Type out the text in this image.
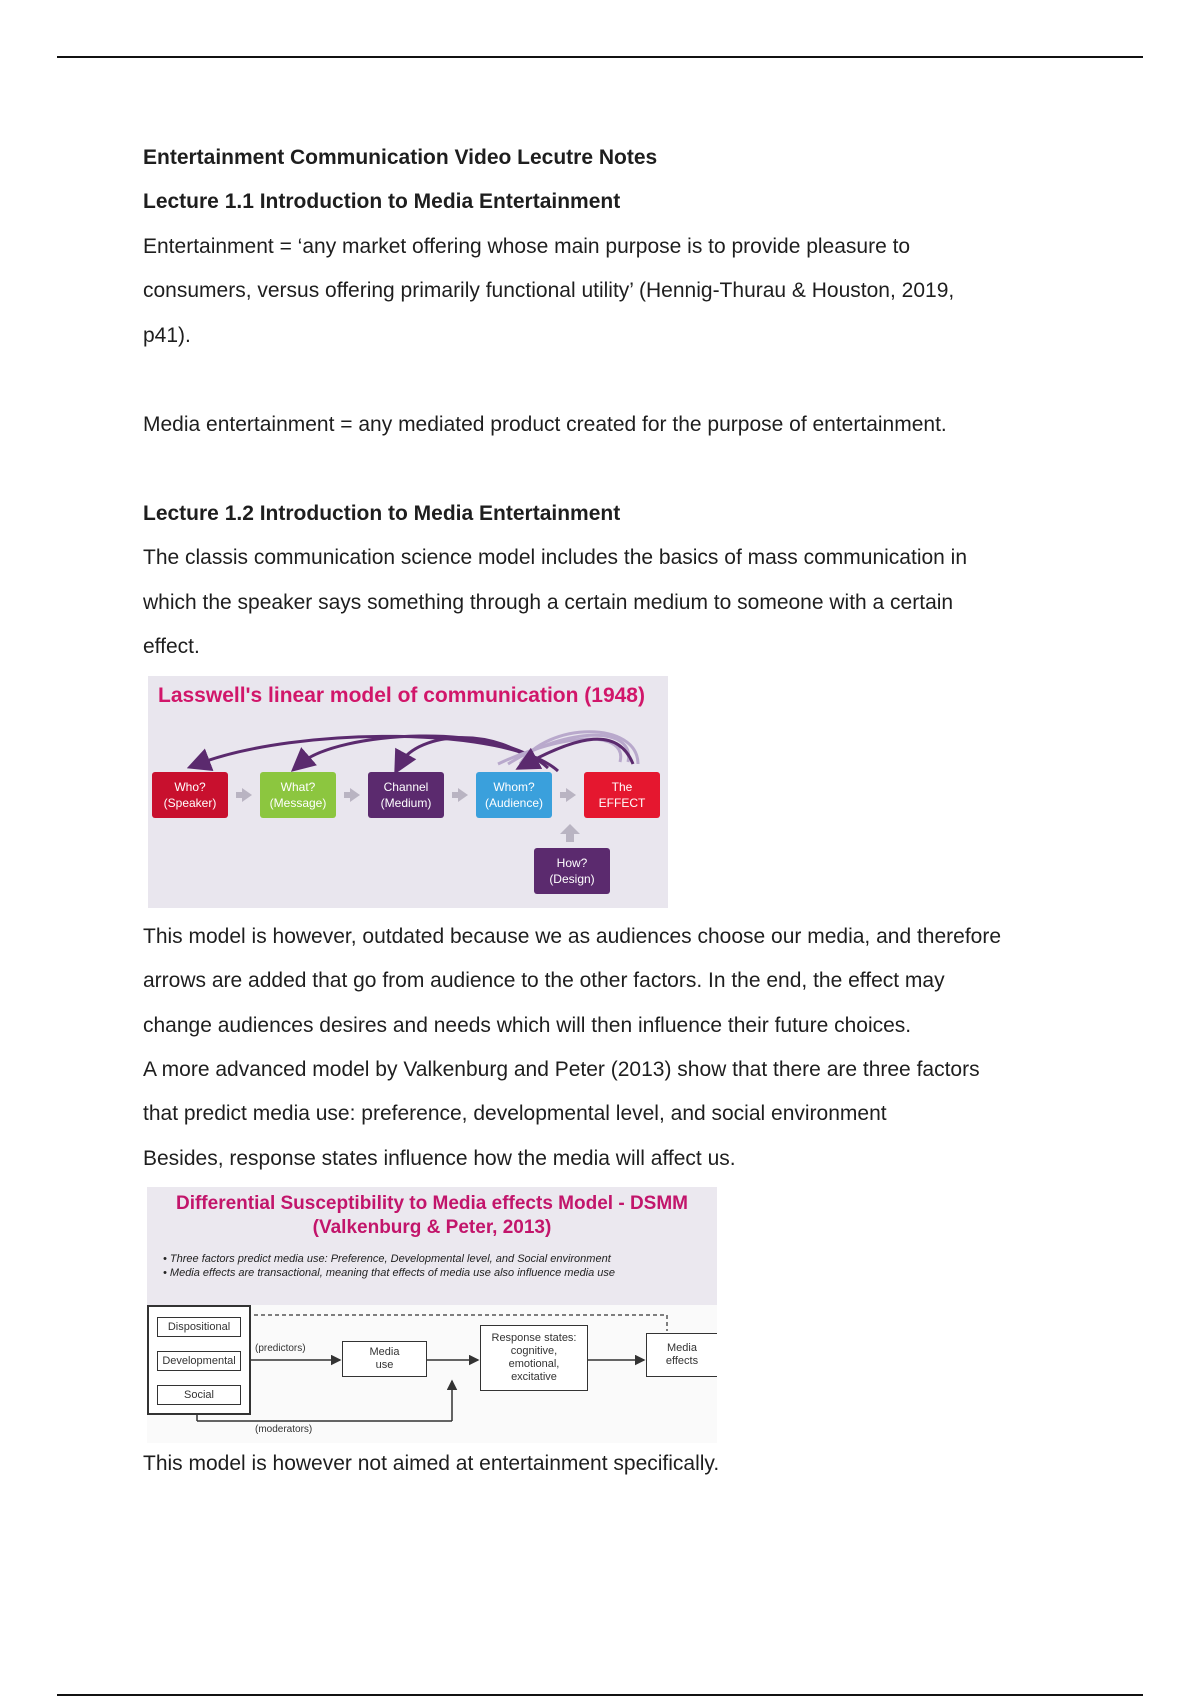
Entertainment Communication Video Lecutre Notes
Lecture 1.1 Introduction to Media Entertainment
Entertainment = ‘any market offering whose main purpose is to provide pleasure to
consumers, versus offering primarily functional utility’ (Hennig-Thurau & Houston, 2019,
p41).
Media entertainment = any mediated product created for the purpose of entertainment.
Lecture 1.2 Introduction to Media Entertainment
The classis communication science model includes the basics of mass communication in
which the speaker says something through a certain medium to someone with a certain
effect.
Lasswell's linear model of communication (1948)
Who?
(Speaker)
What?
(Message)
Channel
(Medium)
Whom?
(Audience)
The
EFFECT
How?
(Design)
This model is however, outdated because we as audiences choose our media, and therefore
arrows are added that go from audience to the other factors. In the end, the effect may
change audiences desires and needs which will then influence their future choices.
A more advanced model by Valkenburg and Peter (2013) show that there are three factors
that predict media use: preference, developmental level, and social environment
Besides, response states influence how the media will affect us.
Differential Susceptibility to Media effects Model - DSMM
(Valkenburg & Peter, 2013)
• Three factors predict media use: Preference, Developmental level, and Social environment
• Media effects are transactional, meaning that effects of media use also influence media use
Dispositional
Developmental
Social
(predictors)
(moderators)
Media
use
Response states:
cognitive,
emotional,
excitative
Media
effects
This model is however not aimed at entertainment specifically.
